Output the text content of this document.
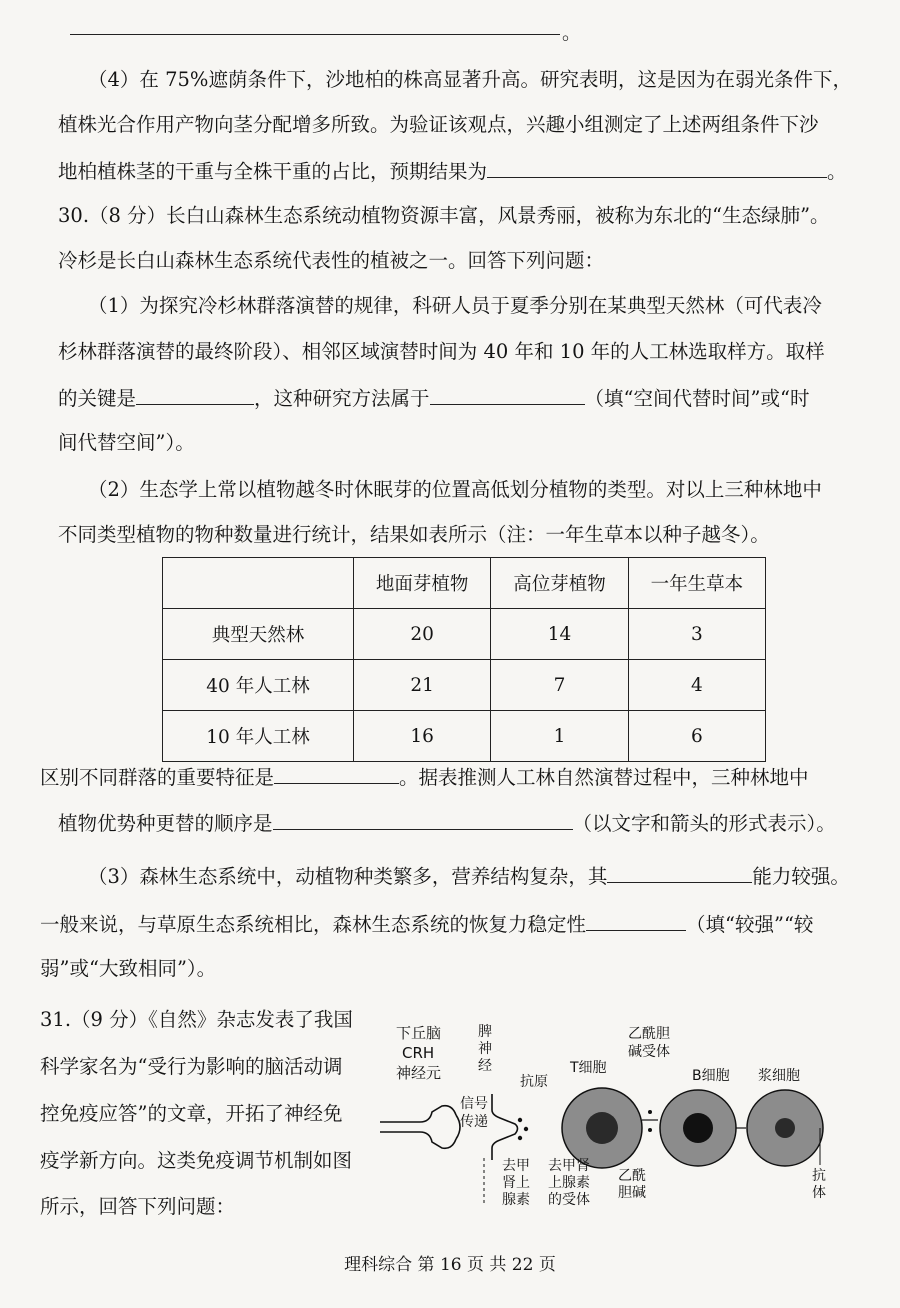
。
（4）在 75%遮荫条件下，沙地柏的株高显著升高。研究表明，这是因为在弱光条件下，
植株光合作用产物向茎分配增多所致。为验证该观点，兴趣小组测定了上述两组条件下沙
地柏植株茎的干重与全株干重的占比，预期结果为	。
30.（8 分）长白山森林生态系统动植物资源丰富，风景秀丽，被称为东北的“生态绿肺”。
冷杉是长白山森林生态系统代表性的植被之一。回答下列问题：
（1）为探究冷杉林群落演替的规律，科研人员于夏季分别在某典型天然林（可代表冷
杉林群落演替的最终阶段）、相邻区域演替时间为 40 年和 10 年的人工林选取样方。取样
的关键是	，这种研究方法属于	（填“空间代替时间”或“时
间代替空间”）。
（2）生态学上常以植物越冬时休眠芽的位置高低划分植物的类型。对以上三种林地中
不同类型植物的物种数量进行统计，结果如表所示（注：一年生草本以种子越冬）。
	地面芽植物	高位芽植物	一年生草本
典型天然林	20	14	3
40 年人工林	21	7	4
10 年人工林	16	1	6
区别不同群落的重要特征是	。据表推测人工林自然演替过程中，三种林地中
植物优势种更替的顺序是	（以文字和箭头的形式表示）。
（3）森林生态系统中，动植物种类繁多，营养结构复杂，其	能力较强。
一般来说，与草原生态系统相比，森林生态系统的恢复力稳定性	（填“较强”“较
弱”或“大致相同”）。
31.（9 分）《自然》杂志发表了我国
科学家名为“受行为影响的脑活动调
控免疫应答”的文章，开拓了神经免
疫学新方向。这类免疫调节机制如图
所示，回答下列问题：
下丘脑
CRH
神经元
信号
传递
脾
神
经
抗原
T细胞
乙酰胆
碱受体
B细胞 浆细胞
去甲
肾上
腺素
去甲肾
上腺素
的受体
乙酰
胆碱
抗
体
理科综合 第 16 页 共 22 页
